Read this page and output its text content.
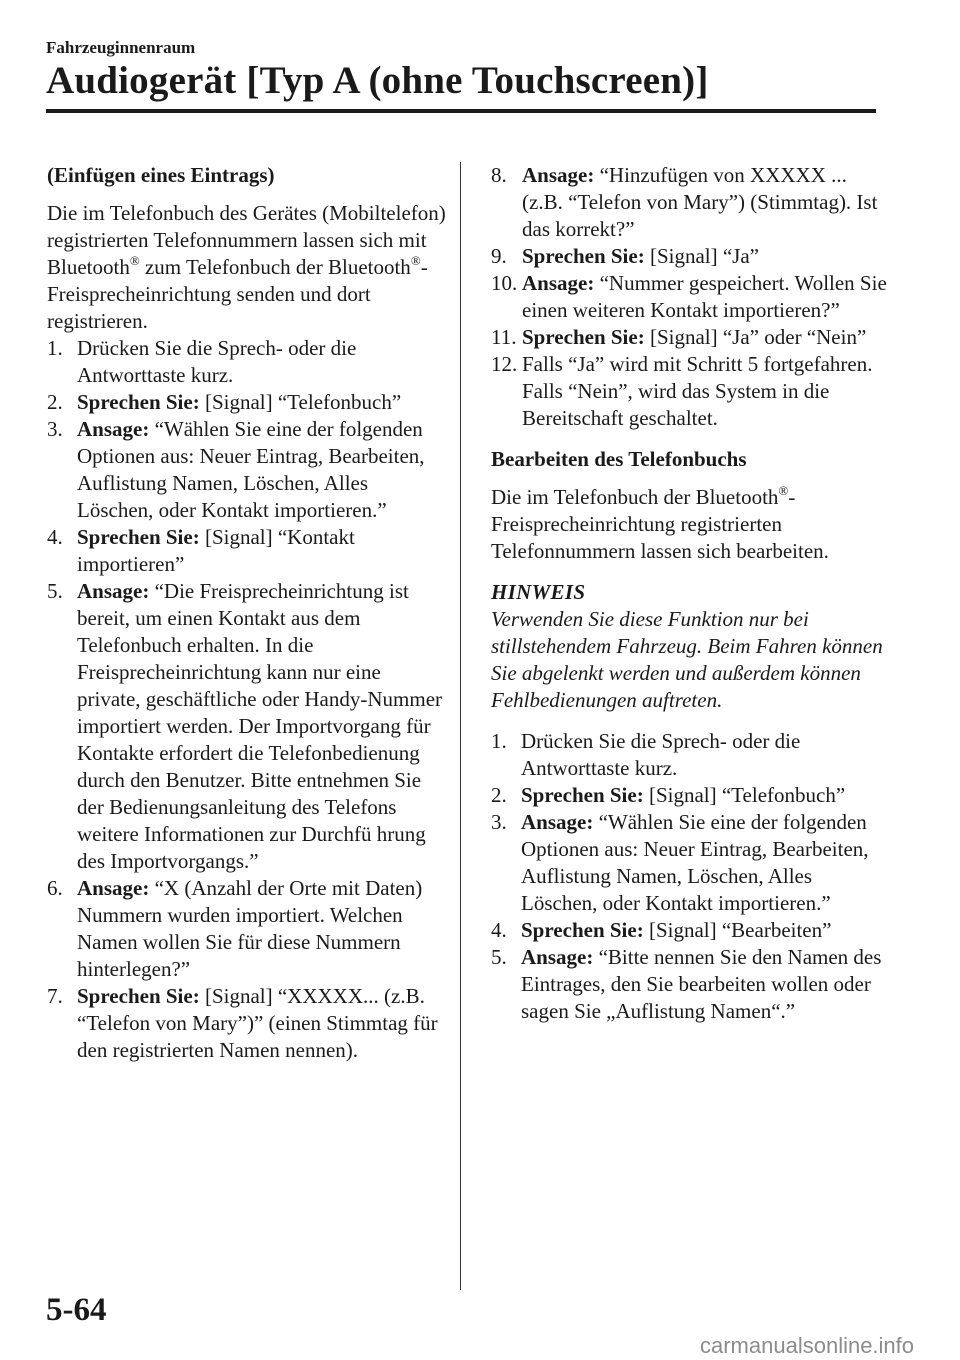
Fahrzeuginnenraum
Audiogerät [Typ A (ohne Touchscreen)]

(Einfügen eines Eintrags)

Die im Telefonbuch des Gerätes (Mobiltelefon) registrierten Telefonnummern lassen sich mit Bluetooth® zum Telefonbuch der Bluetooth®-Freisprecheinrichtung senden und dort registrieren.

1. Drücken Sie die Sprech- oder die Antworttaste kurz.
2. Sprechen Sie: [Signal] “Telefonbuch”
3. Ansage: “Wählen Sie eine der folgenden Optionen aus: Neuer Eintrag, Bearbeiten, Auflistung Namen, Löschen, Alles Löschen, oder Kontakt importieren.”
4. Sprechen Sie: [Signal] “Kontakt importieren”
5. Ansage: “Die Freisprecheinrichtung ist bereit, um einen Kontakt aus dem Telefonbuch erhalten. In die Freisprecheinrichtung kann nur eine private, geschäftliche oder Handy-Nummer importiert werden. Der Importvorgang für Kontakte erfordert die Telefonbedienung durch den Benutzer. Bitte entnehmen Sie der Bedienungsanleitung des Telefons weitere Informationen zur Durchfü hrung des Importvorgangs.”
6. Ansage: “X (Anzahl der Orte mit Daten) Nummern wurden importiert. Welchen Namen wollen Sie für diese Nummern hinterlegen?”
7. Sprechen Sie: [Signal] “XXXXX... (z.B. “Telefon von Mary”)” (einen Stimmtag für den registrierten Namen nennen).
8. Ansage: “Hinzufügen von XXXXX ... (z.B. “Telefon von Mary”) (Stimmtag). Ist das korrekt?”
9. Sprechen Sie: [Signal] “Ja”
10. Ansage: “Nummer gespeichert. Wollen Sie einen weiteren Kontakt importieren?”
11. Sprechen Sie: [Signal] “Ja” oder “Nein”
12. Falls “Ja” wird mit Schritt 5 fortgefahren.
Falls “Nein”, wird das System in die Bereitschaft geschaltet.

Bearbeiten des Telefonbuchs

Die im Telefonbuch der Bluetooth®-Freisprecheinrichtung registrierten Telefonnummern lassen sich bearbeiten.

HINWEIS

Verwenden Sie diese Funktion nur bei stillstehendem Fahrzeug. Beim Fahren können Sie abgelenkt werden und außerdem können Fehlbedienungen auftreten.

1. Drücken Sie die Sprech- oder die Antworttaste kurz.
2. Sprechen Sie: [Signal] “Telefonbuch”
3. Ansage: “Wählen Sie eine der folgenden Optionen aus: Neuer Eintrag, Bearbeiten, Auflistung Namen, Löschen, Alles Löschen, oder Kontakt importieren.”
4. Sprechen Sie: [Signal] “Bearbeiten”
5. Ansage: “Bitte nennen Sie den Namen des Eintrages, den Sie bearbeiten wollen oder sagen Sie „Auflistung Namen“.”
5-64
carmanualsonline.info
